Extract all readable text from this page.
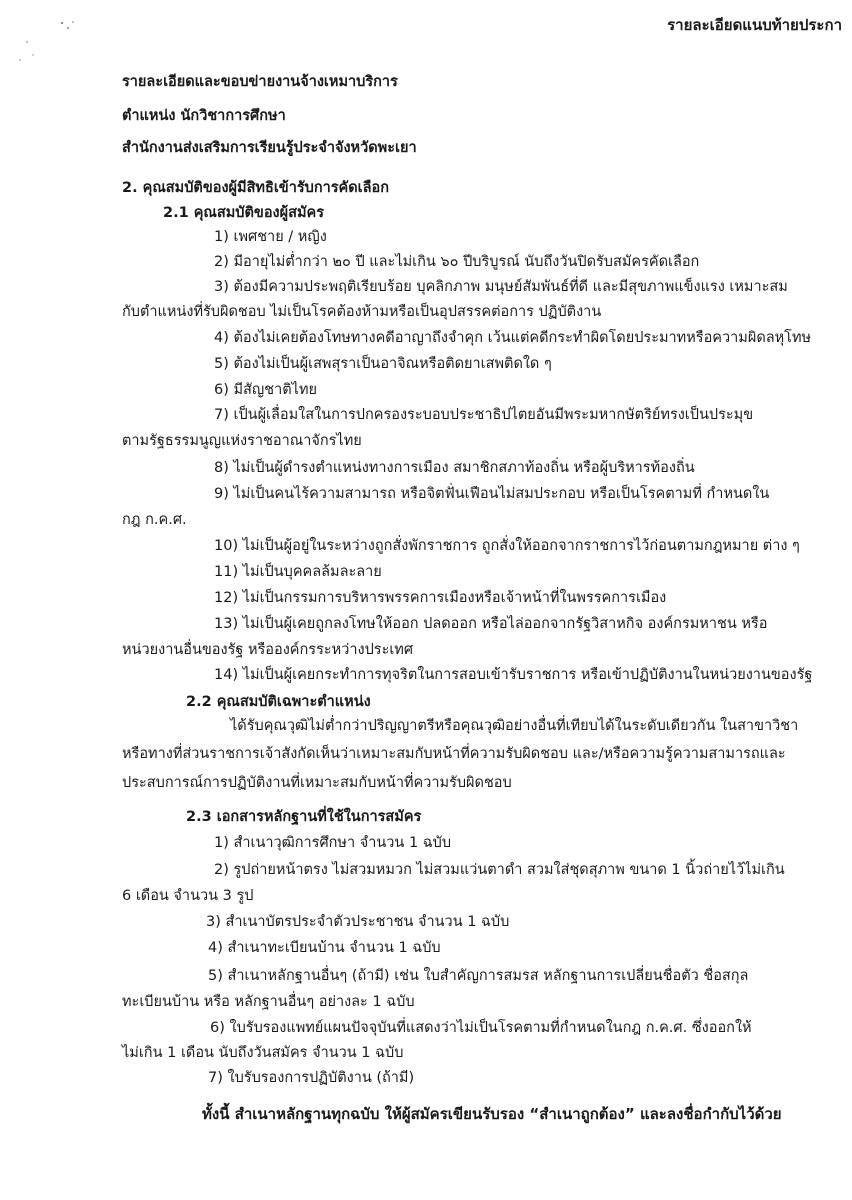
รายละเอียดแนบท้ายประกา
รายละเอียดและขอบข่ายงานจ้างเหมาบริการ
ตำแหน่ง นักวิชาการศึกษา
สำนักงานส่งเสริมการเรียนรู้ประจำจังหวัดพะเยา
2. คุณสมบัติของผู้มีสิทธิเข้ารับการคัดเลือก
2.1 คุณสมบัติของผู้สมัคร
1) เพศชาย / หญิง
2) มีอายุไม่ต่ำกว่า ๒๐ ปี และไม่เกิน ๖๐ ปีบริบูรณ์ นับถึงวันปิดรับสมัครคัดเลือก
3) ต้องมีความประพฤติเรียบร้อย บุคลิกภาพ มนุษย์สัมพันธ์ที่ดี และมีสุขภาพแข็งแรง เหมาะสม
กับตำแหน่งที่รับผิดชอบ ไม่เป็นโรคต้องห้ามหรือเป็นอุปสรรคต่อการ ปฏิบัติงาน
4) ต้องไม่เคยต้องโทษทางคดีอาญาถึงจำคุก เว้นแต่คดีกระทำผิดโดยประมาทหรือความผิดลหุโทษ
5) ต้องไม่เป็นผู้เสพสุราเป็นอาจิณหรือติดยาเสพติดใด ๆ
6) มีสัญชาติไทย
7) เป็นผู้เลื่อมใสในการปกครองระบอบประชาธิปไตยอันมีพระมหากษัตริย์ทรงเป็นประมุข
ตามรัฐธรรมนูญแห่งราชอาณาจักรไทย
8) ไม่เป็นผู้ดำรงตำแหน่งทางการเมือง สมาชิกสภาท้องถิ่น หรือผู้บริหารท้องถิ่น
9) ไม่เป็นคนไร้ความสามารถ หรือจิตฟั่นเฟือนไม่สมประกอบ หรือเป็นโรคตามที่ กำหนดใน
กฎ ก.ค.ศ.
10) ไม่เป็นผู้อยู่ในระหว่างถูกสั่งพักราชการ ถูกสั่งให้ออกจากราชการไว้ก่อนตามกฎหมาย ต่าง ๆ
11) ไม่เป็นบุคคลล้มละลาย
12) ไม่เป็นกรรมการบริหารพรรคการเมืองหรือเจ้าหน้าที่ในพรรคการเมือง
13) ไม่เป็นผู้เคยถูกลงโทษให้ออก ปลดออก หรือไล่ออกจากรัฐวิสาหกิจ องค์กรมหาชน หรือ
หน่วยงานอื่นของรัฐ หรือองค์กรระหว่างประเทศ
14) ไม่เป็นผู้เคยกระทำการทุจริตในการสอบเข้ารับราชการ หรือเข้าปฏิบัติงานในหน่วยงานของรัฐ
2.2 คุณสมบัติเฉพาะตำแหน่ง
ได้รับคุณวุฒิไม่ต่ำกว่าปริญญาตรีหรือคุณวุฒิอย่างอื่นที่เทียบได้ในระดับเดียวกัน ในสาขาวิชา
หรือทางที่ส่วนราชการเจ้าสังกัดเห็นว่าเหมาะสมกับหน้าที่ความรับผิดชอบ และ/หรือความรู้ความสามารถและ
ประสบการณ์การปฏิบัติงานที่เหมาะสมกับหน้าที่ความรับผิดชอบ
2.3 เอกสารหลักฐานที่ใช้ในการสมัคร
1) สำเนาวุฒิการศึกษา จำนวน 1 ฉบับ
2) รูปถ่ายหน้าตรง ไม่สวมหมวก ไม่สวมแว่นตาดำ สวมใส่ชุดสุภาพ ขนาด 1 นิ้วถ่ายไว้ไม่เกิน
6 เดือน จำนวน 3 รูป
3) สำเนาบัตรประจำตัวประชาชน จำนวน 1 ฉบับ
4) สำเนาทะเบียนบ้าน จำนวน 1 ฉบับ
5) สำเนาหลักฐานอื่นๆ (ถ้ามี) เช่น ใบสำคัญการสมรส หลักฐานการเปลี่ยนชื่อตัว ชื่อสกุล
ทะเบียนบ้าน หรือ หลักฐานอื่นๆ อย่างละ 1 ฉบับ
6) ใบรับรองแพทย์แผนปัจจุบันที่แสดงว่าไม่เป็นโรคตามที่กำหนดในกฎ ก.ค.ศ. ซึ่งออกให้
ไม่เกิน 1 เดือน นับถึงวันสมัคร จำนวน 1 ฉบับ
7) ใบรับรองการปฏิบัติงาน (ถ้ามี)
ทั้งนี้ สำเนาหลักฐานทุกฉบับ ให้ผู้สมัครเขียนรับรอง “สำเนาถูกต้อง” และลงชื่อกำกับไว้ด้วย
